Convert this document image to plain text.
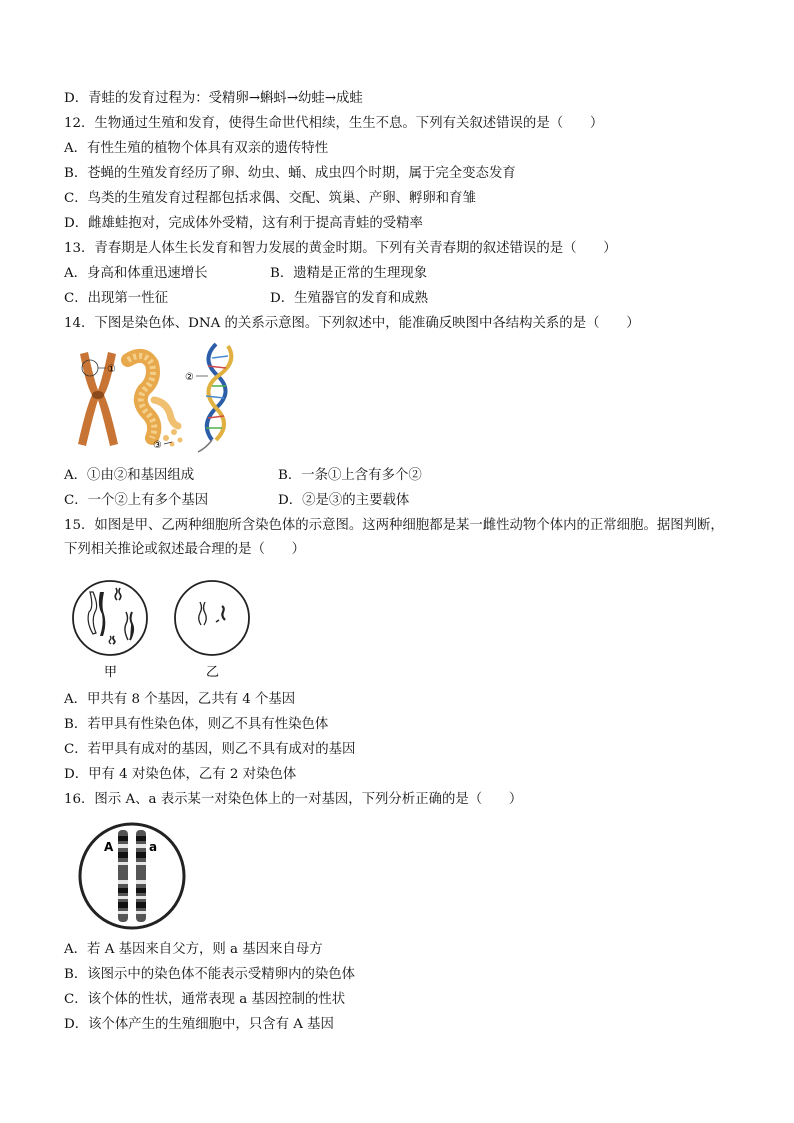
D．青蛙的发育过程为：受精卵→蝌蚪→幼蛙→成蛙
12．生物通过生殖和发育，使得生命世代相续，生生不息。下列有关叙述错误的是（　　）
A．有性生殖的植物个体具有双亲的遗传特性
B．苍蝇的生殖发育经历了卵、幼虫、蛹、成虫四个时期，属于完全变态发育
C．鸟类的生殖发育过程都包括求偶、交配、筑巢、产卵、孵卵和育雏
D．雌雄蛙抱对，完成体外受精，这有利于提高青蛙的受精率
13．青春期是人体生长发育和智力发展的黄金时期。下列有关青春期的叙述错误的是（　　）
A．身高和体重迅速增长	B．遗精是正常的生理现象
C．出现第一性征	D．生殖器官的发育和成熟
14．下图是染色体、DNA 的关系示意图。下列叙述中，能准确反映图中各结构关系的是（　　）
①
②
③
A．①由②和基因组成	B．一条①上含有多个②
C．一个②上有多个基因	D．②是③的主要载体
15．如图是甲、乙两种细胞所含染色体的示意图。这两种细胞都是某一雌性动物个体内的正常细胞。据图判断，
下列相关推论或叙述最合理的是（　　）
甲	乙
A．甲共有 8 个基因，乙共有 4 个基因
B．若甲具有性染色体，则乙不具有性染色体
C．若甲具有成对的基因，则乙不具有成对的基因
D．甲有 4 对染色体，乙有 2 对染色体
16．图示 A、a 表示某一对染色体上的一对基因，下列分析正确的是（　　）
A	a
A．若 A 基因来自父方，则 a 基因来自母方
B．该图示中的染色体不能表示受精卵内的染色体
C．该个体的性状，通常表现 a 基因控制的性状
D．该个体产生的生殖细胞中，只含有 A 基因
